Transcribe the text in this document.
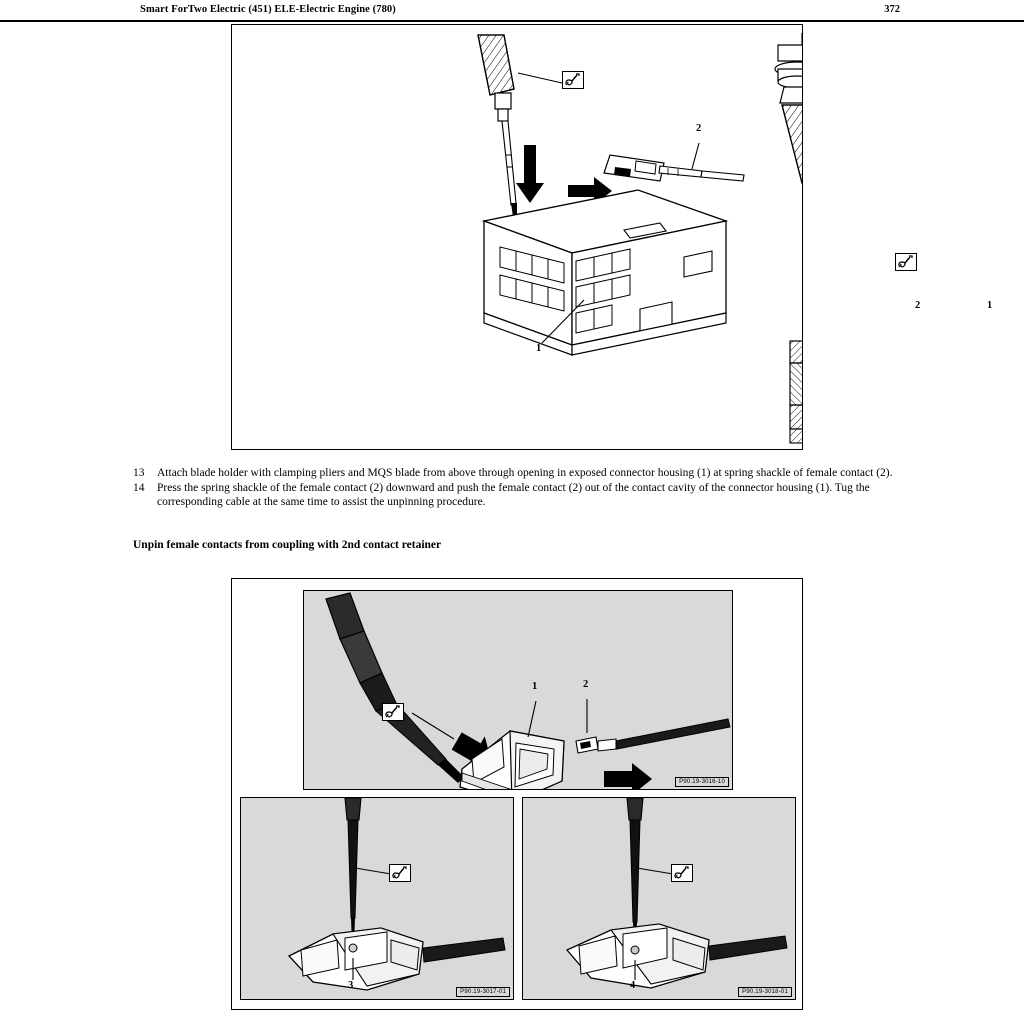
Smart ForTwo Electric (451) ELE-Electric Engine (780)	372
1
2
2	1
13	Attach blade holder with clamping pliers and MQS blade from above through opening in exposed connector housing (1) at spring shackle of female contact (2).
14	Press the spring shackle of the female contact (2) downward and push the female contact (2) out of the contact cavity of the connector housing (1). Tug the corresponding cable at the same time to assist the unpinning procedure.
Unpin female contacts from coupling with 2nd contact retainer
1	2
P90.19-3016-10
3
P90.19-3017-01
4
P90.19-3018-01
